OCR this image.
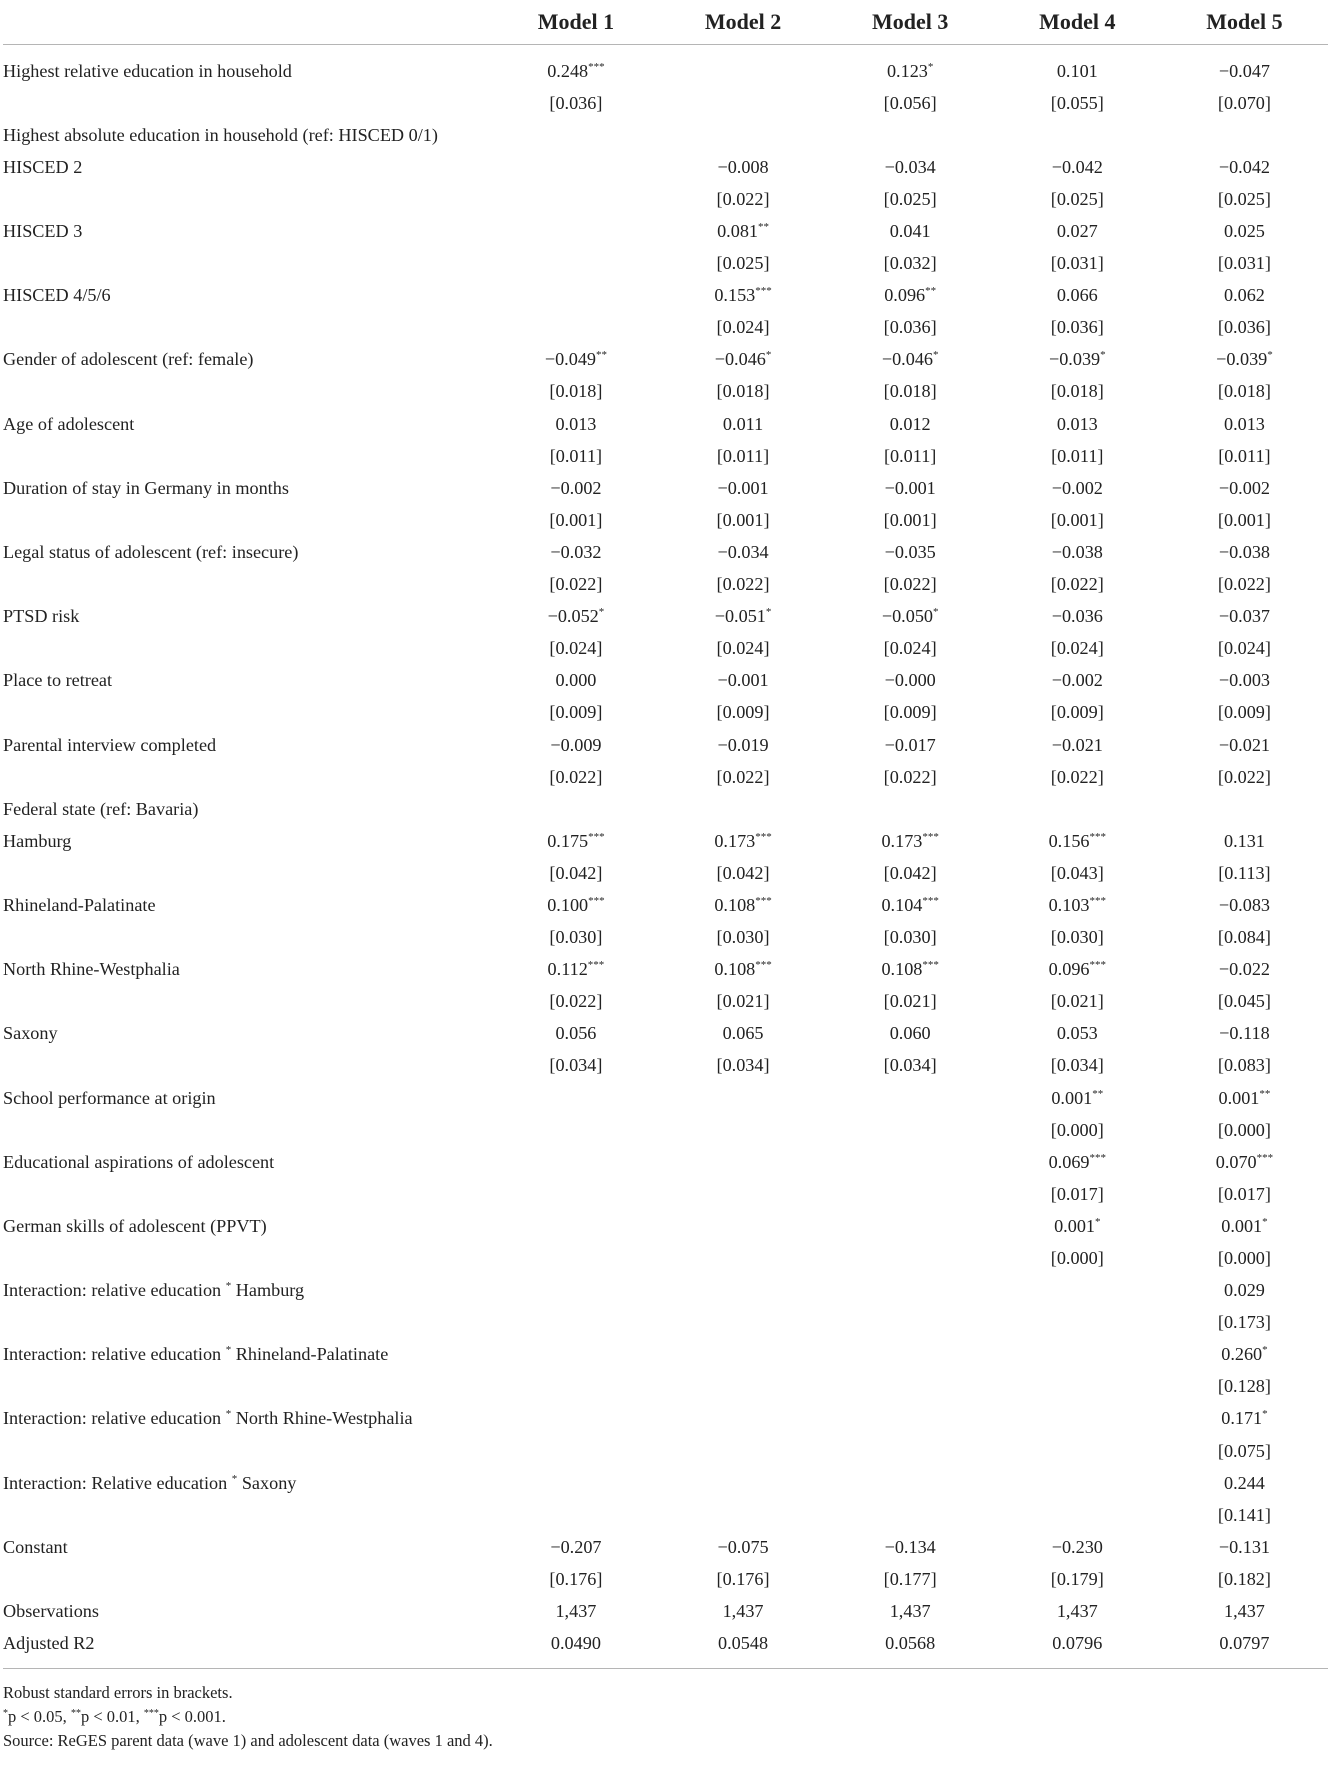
	Model 1	Model 2	Model 3	Model 4	Model 5
Highest relative education in household	0.248***		0.123*	0.101	−0.047
	[0.036]		[0.056]	[0.055]	[0.070]
Highest absolute education in household (ref: HISCED 0/1)					
HISCED 2		−0.008	−0.034	−0.042	−0.042
		[0.022]	[0.025]	[0.025]	[0.025]
HISCED 3		0.081**	0.041	0.027	0.025
		[0.025]	[0.032]	[0.031]	[0.031]
HISCED 4/5/6		0.153***	0.096**	0.066	0.062
		[0.024]	[0.036]	[0.036]	[0.036]
Gender of adolescent (ref: female)	−0.049**	−0.046*	−0.046*	−0.039*	−0.039*
	[0.018]	[0.018]	[0.018]	[0.018]	[0.018]
Age of adolescent	0.013	0.011	0.012	0.013	0.013
	[0.011]	[0.011]	[0.011]	[0.011]	[0.011]
Duration of stay in Germany in months	−0.002	−0.001	−0.001	−0.002	−0.002
	[0.001]	[0.001]	[0.001]	[0.001]	[0.001]
Legal status of adolescent (ref: insecure)	−0.032	−0.034	−0.035	−0.038	−0.038
	[0.022]	[0.022]	[0.022]	[0.022]	[0.022]
PTSD risk	−0.052*	−0.051*	−0.050*	−0.036	−0.037
	[0.024]	[0.024]	[0.024]	[0.024]	[0.024]
Place to retreat	0.000	−0.001	−0.000	−0.002	−0.003
	[0.009]	[0.009]	[0.009]	[0.009]	[0.009]
Parental interview completed	−0.009	−0.019	−0.017	−0.021	−0.021
	[0.022]	[0.022]	[0.022]	[0.022]	[0.022]
Federal state (ref: Bavaria)					
Hamburg	0.175***	0.173***	0.173***	0.156***	0.131
	[0.042]	[0.042]	[0.042]	[0.043]	[0.113]
Rhineland-Palatinate	0.100***	0.108***	0.104***	0.103***	−0.083
	[0.030]	[0.030]	[0.030]	[0.030]	[0.084]
North Rhine-Westphalia	0.112***	0.108***	0.108***	0.096***	−0.022
	[0.022]	[0.021]	[0.021]	[0.021]	[0.045]
Saxony	0.056	0.065	0.060	0.053	−0.118
	[0.034]	[0.034]	[0.034]	[0.034]	[0.083]
School performance at origin				0.001**	0.001**
				[0.000]	[0.000]
Educational aspirations of adolescent				0.069***	0.070***
				[0.017]	[0.017]
German skills of adolescent (PPVT)				0.001*	0.001*
				[0.000]	[0.000]
Interaction: relative education * Hamburg					0.029
					[0.173]
Interaction: relative education * Rhineland-Palatinate					0.260*
					[0.128]
Interaction: relative education * North Rhine-Westphalia					0.171*
					[0.075]
Interaction: Relative education * Saxony					0.244
					[0.141]
Constant	−0.207	−0.075	−0.134	−0.230	−0.131
	[0.176]	[0.176]	[0.177]	[0.179]	[0.182]
Observations	1,437	1,437	1,437	1,437	1,437
Adjusted R2	0.0490	0.0548	0.0568	0.0796	0.0797
Robust standard errors in brackets.
*p < 0.05, **p < 0.01, ***p < 0.001.
Source: ReGES parent data (wave 1) and adolescent data (waves 1 and 4).
